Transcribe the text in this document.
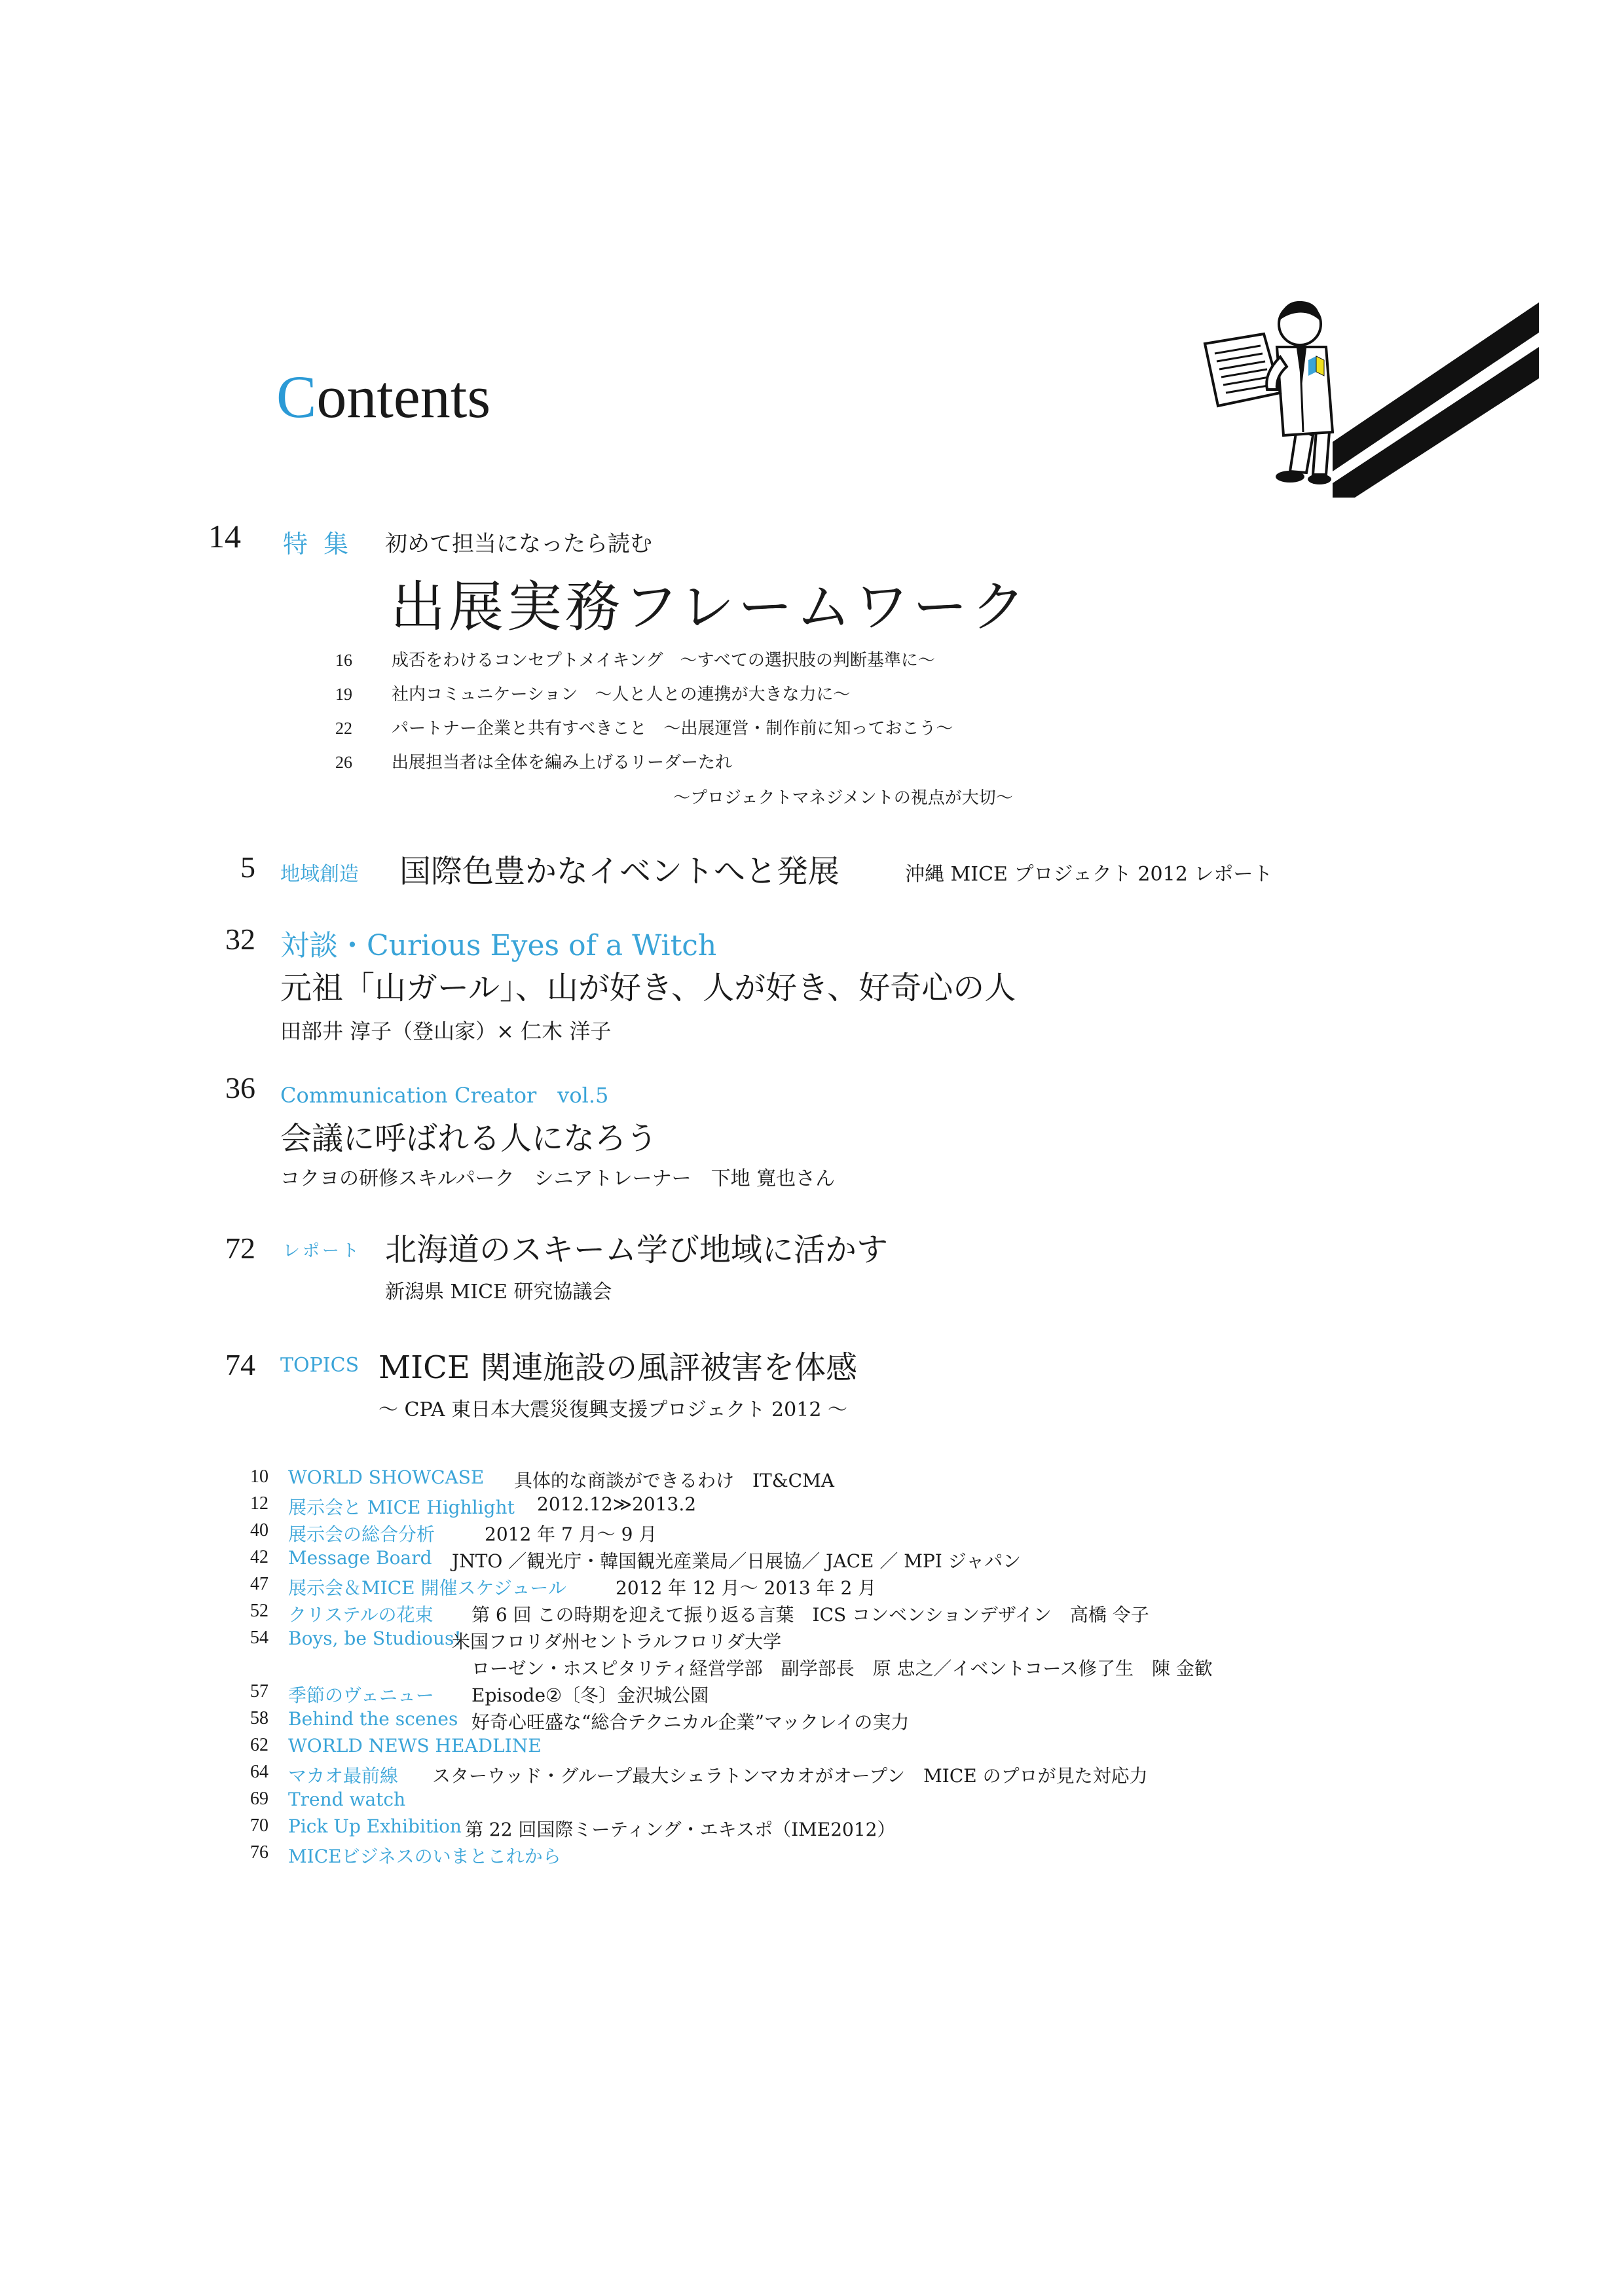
Contents
14 特 集 初めて担当になったら読む
出展実務フレームワーク
16 成否をわけるコンセプトメイキング　～すべての選択肢の判断基準に～
19 社内コミュニケーション　～人と人との連携が大きな力に～
22 パートナー企業と共有すべきこと　～出展運営・制作前に知っておこう～
26 出展担当者は全体を編み上げるリーダーたれ
～プロジェクトマネジメントの視点が大切～
5 地域創造 国際色豊かなイベントへと発展	沖縄 MICE プロジェクト 2012 レポート
32 対談・Curious Eyes of a Witch
元祖「山ガール」、山が好き、人が好き、好奇心の人
田部井 淳子（登山家）× 仁木 洋子
36 Communication Creator　vol.5
会議に呼ばれる人になろう
コクヨの研修スキルパーク　シニアトレーナー　下地 寛也さん
72 レポート 北海道のスキーム学び地域に活かす
新潟県 MICE 研究協議会
74 TOPICS MICE 関連施設の風評被害を体感
～ CPA 東日本大震災復興支援プロジェクト 2012 ～
10 WORLD SHOWCASE 具体的な商談ができるわけ　IT&CMA
12 展示会と MICE Highlight 2012.12≫2013.2
40 展示会の総合分析	2012 年 7 月～ 9 月
42 Message Board JNTO ／観光庁・韓国観光産業局／日展協／ JACE ／ MPI ジャパン
47 展示会＆MICE 開催スケジュール	2012 年 12 月～ 2013 年 2 月
52 クリステルの花束 第 6 回 この時期を迎えて振り返る言葉　ICS コンベンションデザイン　高橋 令子
54 Boys, be Studious!
米国フロリダ州セントラルフロリダ大学
ローゼン・ホスピタリティ経営学部　副学部長　原 忠之／イベントコース修了生　陳 金歓
57 季節のヴェニュー Episode②〔冬〕金沢城公園
58 Behind the scenes 好奇心旺盛な“総合テクニカル企業”マックレイの実力
62 WORLD NEWS HEADLINE
64 マカオ最前線 スターウッド・グループ最大シェラトンマカオがオープン　MICE のプロが見た対応力
69 Trend watch
70 Pick Up Exhibition 第 22 回国際ミーティング・エキスポ（IME2012）
76 MICEビジネスのいまとこれから
